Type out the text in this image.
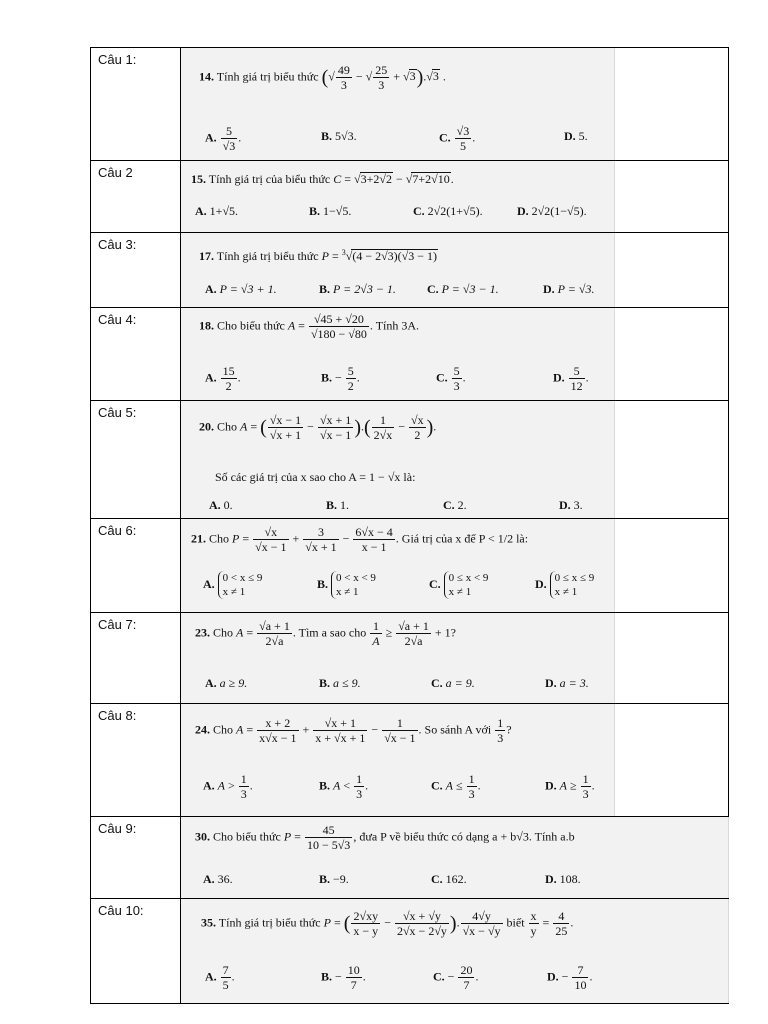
Câu 1:
14. Tính giá trị biểu thức (√ $\frac{49}{3}$ − √ $\frac{25}{3} + √3).√3$ .
A. $\frac{5}{√3}$ .	B. 5√3.	C. $\frac{√3}{5}$ .	D. 5.
Câu 2	15. Tính giá trị của biểu thức C = √3+2√2 − √7+2√10.
A. 1+√5.	B. 1−√5.	C. 2√2(1+√5).	D. 2√2(1−√5).
Câu 3:
17. Tính giá trị biểu thức P = $^3$√(4 − 2√3)(√3 − 1)
A. P = √3 + 1.	B. P = 2√3 − 1.	C. P = √3 − 1.	D. P = √3.
Câu 4:	18. Cho biểu thức $A = \frac{√45 + √20}{√180 - √80}$ . Tính 3A.
A. $\frac{15}{2}$ .	B. − $\frac{5}{2}$ .	C. $\frac{5}{3}$ .	D. $\frac{5}{12}$ .
Câu 5:
20. Cho A = ( $\frac{√x - 1}{√x + 1} - \frac{√x + 1}{√x - 1}$ ).( $\frac{1}{2√x} - \frac{√x}{2}$ ).
Số các giá trị của x sao cho A = 1 − √x là:
A. 0.	B. 1.	C. 2.	D. 3.
Câu 6:
21. Cho $P = \frac{√x}{√x - 1} + \frac{3}{√x + 1} - \frac{6√x - 4}{x - 1}$ . Giá trị của x để P < 1/2 là:
A. 0 < x ≤ 9
x ≠ 1
B. 0 < x < 9
x ≠ 1
C. 0 ≤ x < 9
x ≠ 1
D. 0 ≤ x ≤ 9
x ≠ 1
Câu 7:
23. Cho $A = \frac{√a + 1}{2√a}$ . Tìm a sao cho $\frac{1}{A} \ge \frac{√a + 1}{2√a} + 1$?
A. a ≥ 9.	B. a ≤ 9.	C. a = 9.	D. a = 3.
Câu 8:
24. Cho $A = \frac{x + 2}{x√x - 1} + \frac{√x + 1}{x + √x + 1} - \frac{1}{√x - 1}$ . So sánh A với $\frac{1}{3}$ ?
A. $A > \frac{1}{3}$ .	B. $A < \frac{1}{3}$ .	C. $A \le \frac{1}{3}$ .	D. $A \ge \frac{1}{3}$ .
Câu 9:
30. Cho biểu thức $P = \frac{45}{10 - 5√3}$ , đưa P về biểu thức có dạng a + b√3. Tính a.b
A. 36.	B. −9.	C. 162.	D. 108.
Câu 10:
35. Tính giá trị biểu thức P = ( $\frac{2√xy}{x - y} - \frac{√x + √y}{2√x - 2√y}$ ). $\frac{4√y}{√x - √y}$ biết $\frac{x}{y} = \frac{4}{25}$ .
A. $\frac{7}{5}$ .	B. − $\frac{10}{7}$ .	C. − $\frac{20}{7}$ .	D. − $\frac{7}{10}$ .
